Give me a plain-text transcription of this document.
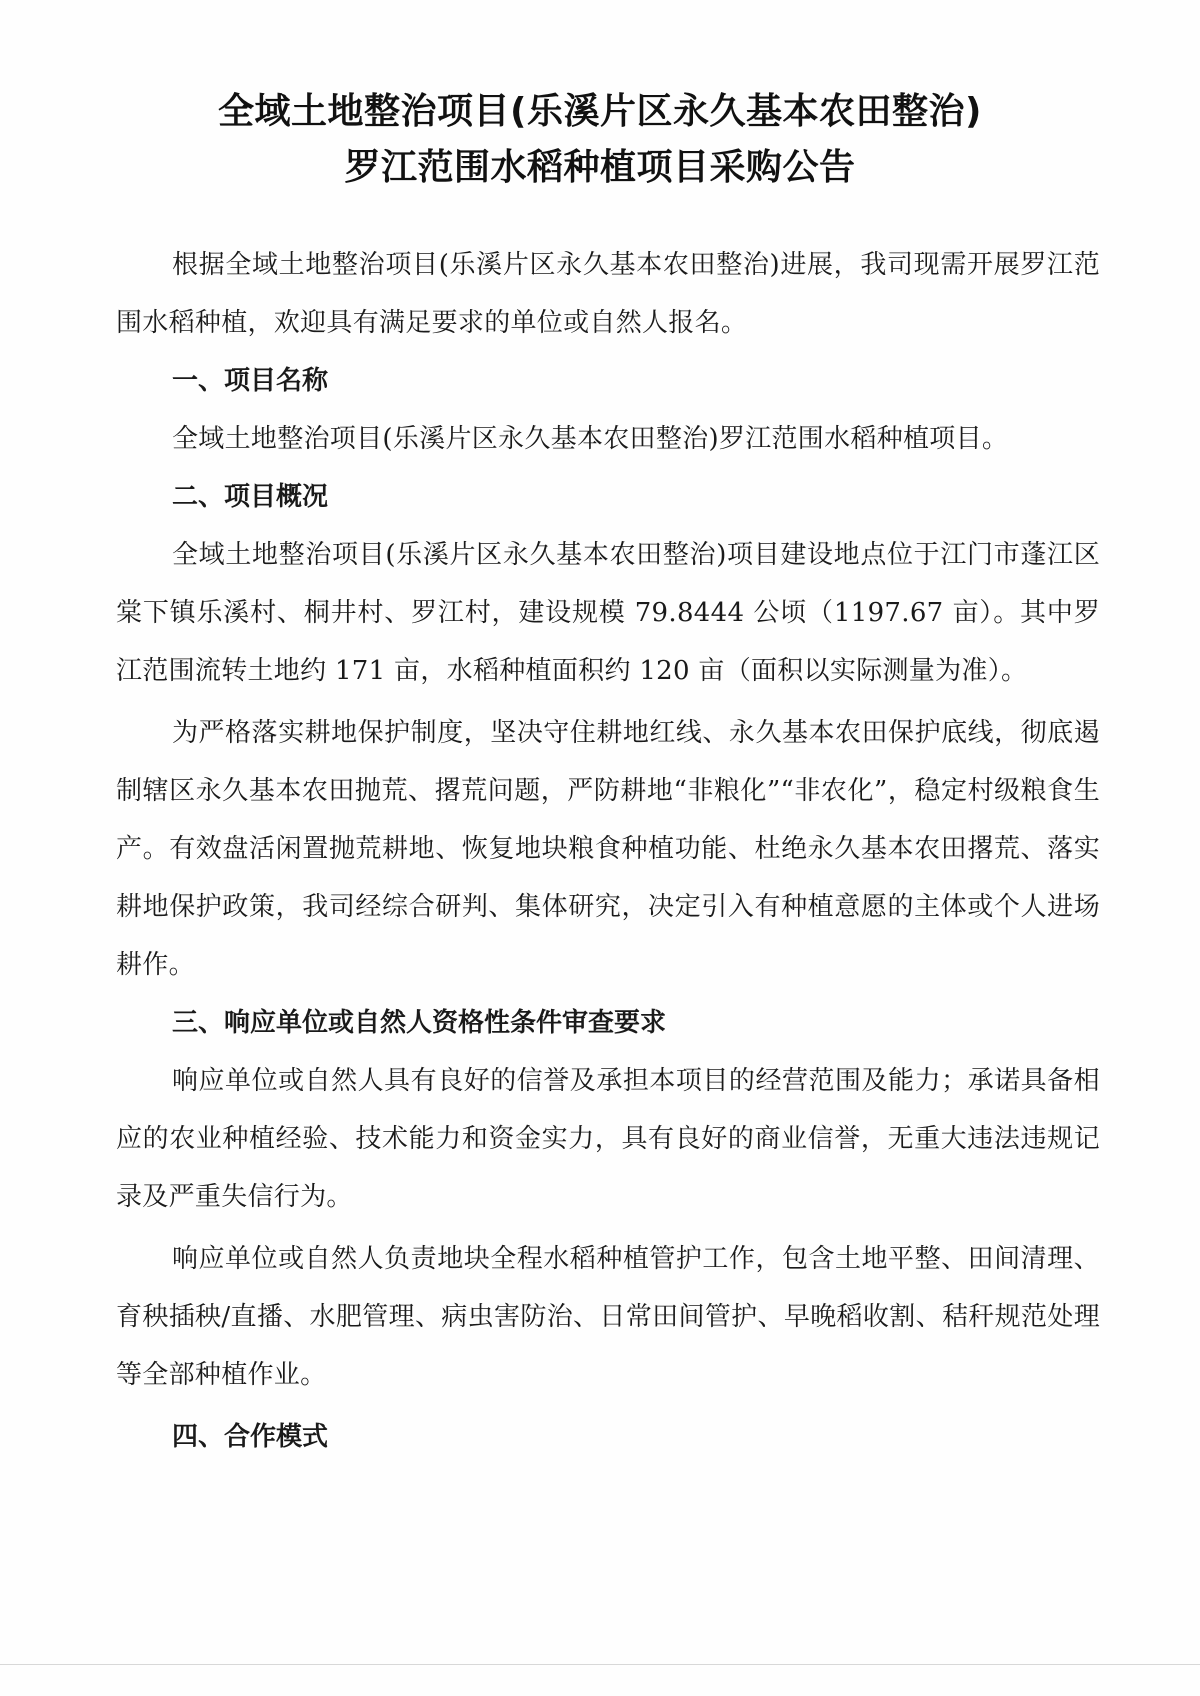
全域土地整治项目(乐溪片区永久基本农田整治)
罗江范围水稻种植项目采购公告

根据全域土地整治项目(乐溪片区永久基本农田整治)进展，我司现需开展罗江范围水稻种植，欢迎具有满足要求的单位或自然人报名。

一、项目名称

全域土地整治项目(乐溪片区永久基本农田整治)罗江范围水稻种植项目。

二、项目概况

全域土地整治项目(乐溪片区永久基本农田整治)项目建设地点位于江门市蓬江区棠下镇乐溪村、桐井村、罗江村，建设规模 79.8444 公顷（1197.67 亩）。其中罗江范围流转土地约 171 亩，水稻种植面积约 120 亩（面积以实际测量为准）。

为严格落实耕地保护制度，坚决守住耕地红线、永久基本农田保护底线，彻底遏制辖区永久基本农田抛荒、撂荒问题，严防耕地“非粮化”“非农化”，稳定村级粮食生产。有效盘活闲置抛荒耕地、恢复地块粮食种植功能、杜绝永久基本农田撂荒、落实耕地保护政策，我司经综合研判、集体研究，决定引入有种植意愿的主体或个人进场耕作。

三、响应单位或自然人资格性条件审查要求

响应单位或自然人具有良好的信誉及承担本项目的经营范围及能力；承诺具备相应的农业种植经验、技术能力和资金实力，具有良好的商业信誉，无重大违法违规记录及严重失信行为。

响应单位或自然人负责地块全程水稻种植管护工作，包含土地平整、田间清理、育秧插秧/直播、水肥管理、病虫害防治、日常田间管护、早晚稻收割、秸秆规范处理等全部种植作业。

四、合作模式
